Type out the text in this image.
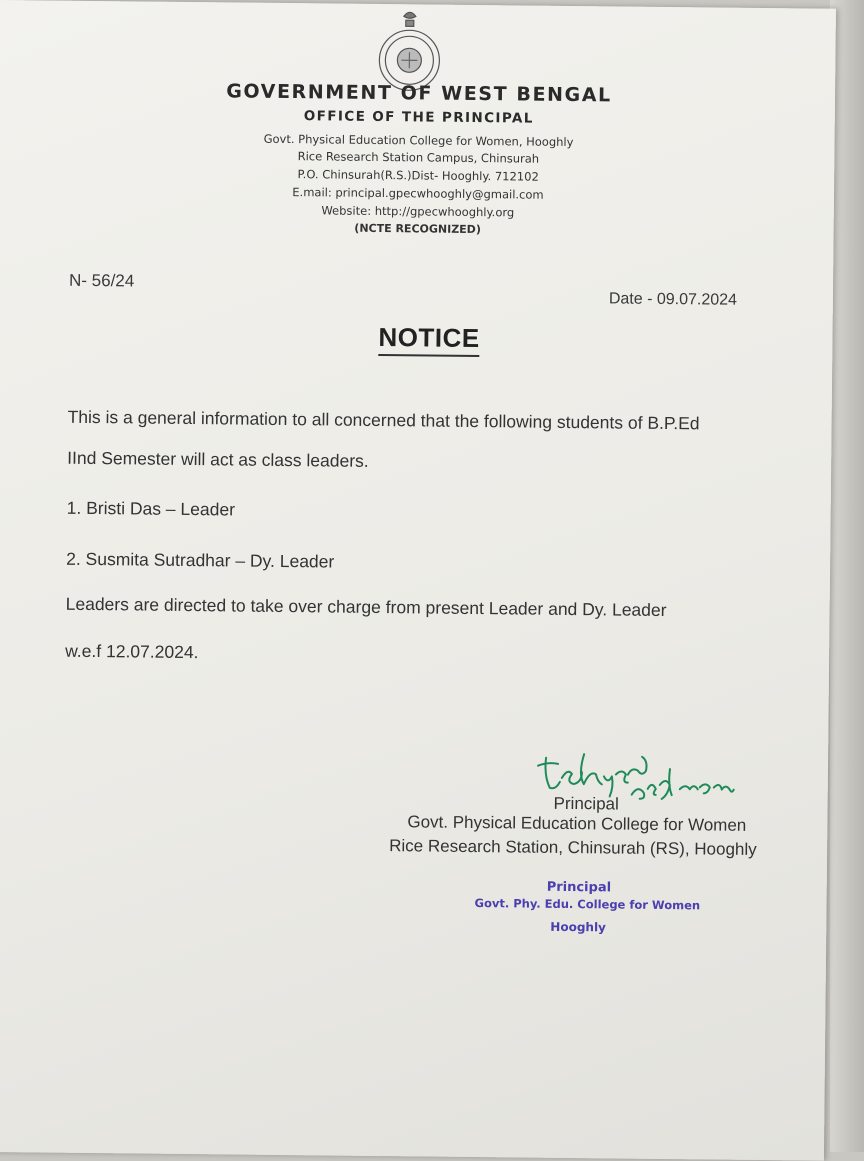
GOVERNMENT OF WEST BENGAL
OFFICE OF THE PRINCIPAL
Govt. Physical Education College for Women, Hooghly
Rice Research Station Campus, Chinsurah
P.O. Chinsurah(R.S.)Dist- Hooghly. 712102
E.mail: principal.gpecwhooghly@gmail.com
Website: http://gpecwhooghly.org
(NCTE RECOGNIZED)
N- 56/24
Date - 09.07.2024
NOTICE
This is a general information to all concerned that the following students of B.P.Ed
IInd Semester will act as class leaders.
1. Bristi Das – Leader
2. Susmita Sutradhar – Dy. Leader
Leaders are directed to take over charge from present Leader and Dy. Leader
w.e.f 12.07.2024.
Principal
Govt. Physical Education College for Women
Rice Research Station, Chinsurah (RS), Hooghly
Principal
Govt. Phy. Edu. College for Women
Hooghly
